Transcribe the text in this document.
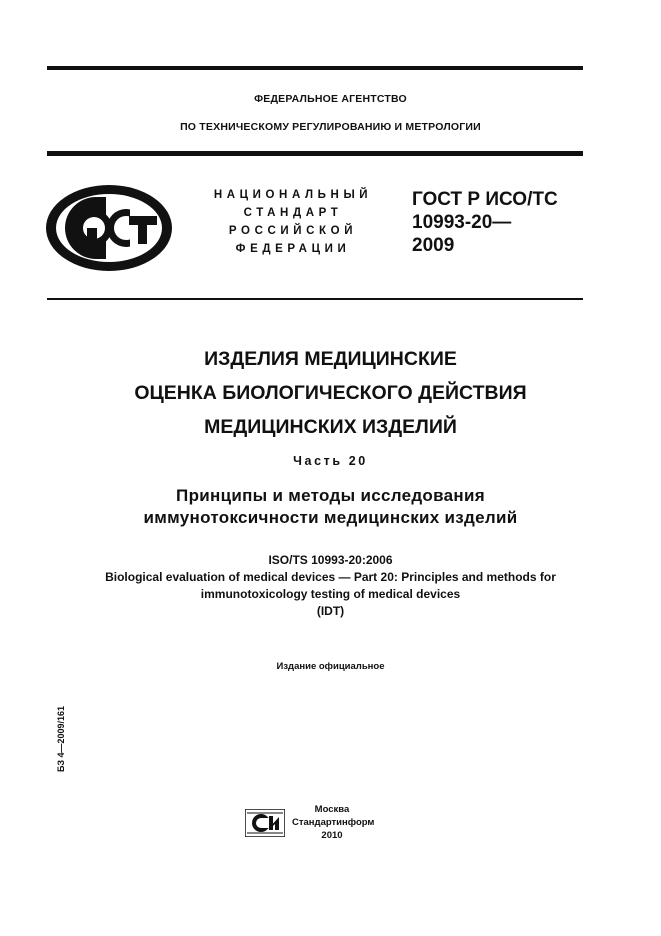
ФЕДЕРАЛЬНОЕ АГЕНТСТВО
ПО ТЕХНИЧЕСКОМУ РЕГУЛИРОВАНИЮ И МЕТРОЛОГИИ
НАЦИОНАЛЬНЫЙ
СТАНДАРТ
РОССИЙСКОЙ
ФЕДЕРАЦИИ
ГОСТ Р ИСО/ТС
10993-20—
2009
ИЗДЕЛИЯ МЕДИЦИНСКИЕ
ОЦЕНКА БИОЛОГИЧЕСКОГО ДЕЙСТВИЯ
МЕДИЦИНСКИХ ИЗДЕЛИЙ
Часть 20
Принципы и методы исследования
иммунотоксичности медицинских изделий
ISO/TS 10993-20:2006
Biological evaluation of medical devices — Part 20: Principles and methods for
immunotoxicology testing of medical devices
(IDT)
Издание официальное
БЗ 4—2009/161
Москва
Стандартинформ
2010
